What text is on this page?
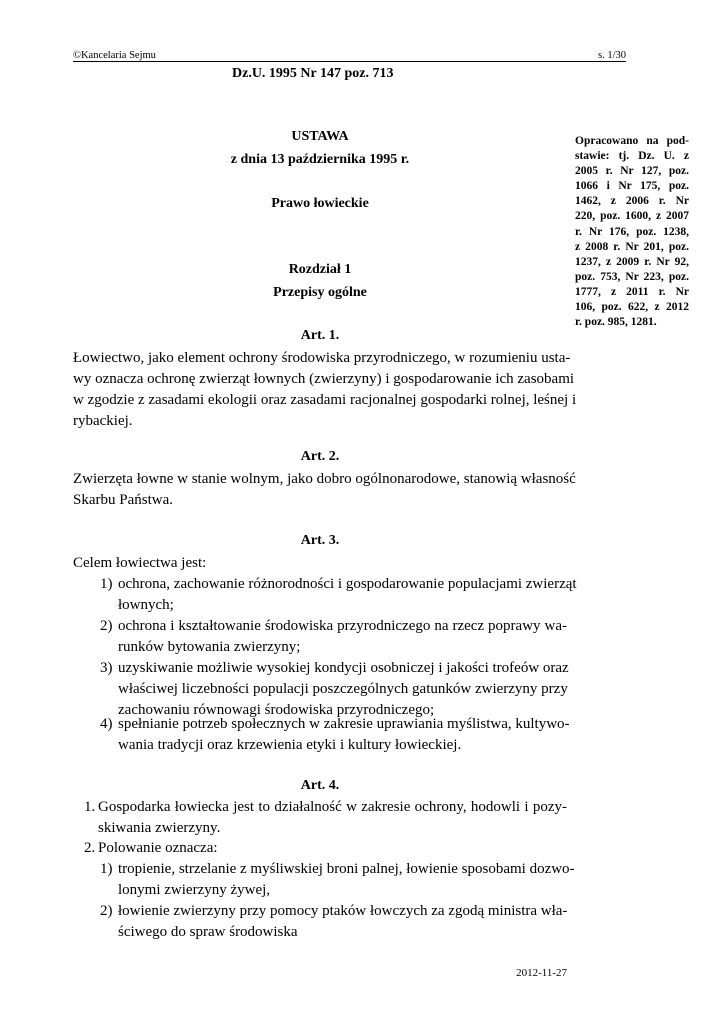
©Kancelaria Sejmu	s. 1/30
Dz.U. 1995 Nr 147 poz. 713
USTAWA
z dnia 13 października 1995 r.
Prawo łowieckie
Rozdział 1
Przepisy ogólne
Opracowano na pod-
stawie: tj. Dz. U. z
2005 r. Nr 127, poz.
1066 i Nr 175, poz.
1462, z 2006 r. Nr
220, poz. 1600, z 2007
r. Nr 176, poz. 1238,
z 2008 r. Nr 201, poz.
1237, z 2009 r. Nr 92,
poz. 753, Nr 223, poz.
1777, z 2011 r. Nr
106, poz. 622, z 2012
r. poz. 985, 1281.
Art. 1.
Łowiectwo, jako element ochrony środowiska przyrodniczego, w rozumieniu usta-
wy oznacza ochronę zwierząt łownych (zwierzyny) i gospodarowanie ich zasobami
w zgodzie z zasadami ekologii oraz zasadami racjonalnej gospodarki rolnej, leśnej i
rybackiej.
Art. 2.
Zwierzęta łowne w stanie wolnym, jako dobro ogólnonarodowe, stanowią własność
Skarbu Państwa.
Art. 3.
Celem łowiectwa jest:
1) ochrona, zachowanie różnorodności i gospodarowanie populacjami zwierząt
łownych;
2) ochrona i kształtowanie środowiska przyrodniczego na rzecz poprawy wa-
runków bytowania zwierzyny;
3) uzyskiwanie możliwie wysokiej kondycji osobniczej i jakości trofeów oraz
właściwej liczebności populacji poszczególnych gatunków zwierzyny przy
zachowaniu równowagi środowiska przyrodniczego;
4) spełnianie potrzeb społecznych w zakresie uprawiania myślistwa, kultywo-
wania tradycji oraz krzewienia etyki i kultury łowieckiej.
Art. 4.
1. Gospodarka łowiecka jest to działalność w zakresie ochrony, hodowli i pozy-
skiwania zwierzyny.
2. Polowanie oznacza:
1) tropienie, strzelanie z myśliwskiej broni palnej, łowienie sposobami dozwo-
lonymi zwierzyny żywej,
2) łowienie zwierzyny przy pomocy ptaków łowczych za zgodą ministra wła-
ściwego do spraw środowiska
2012-11-27
